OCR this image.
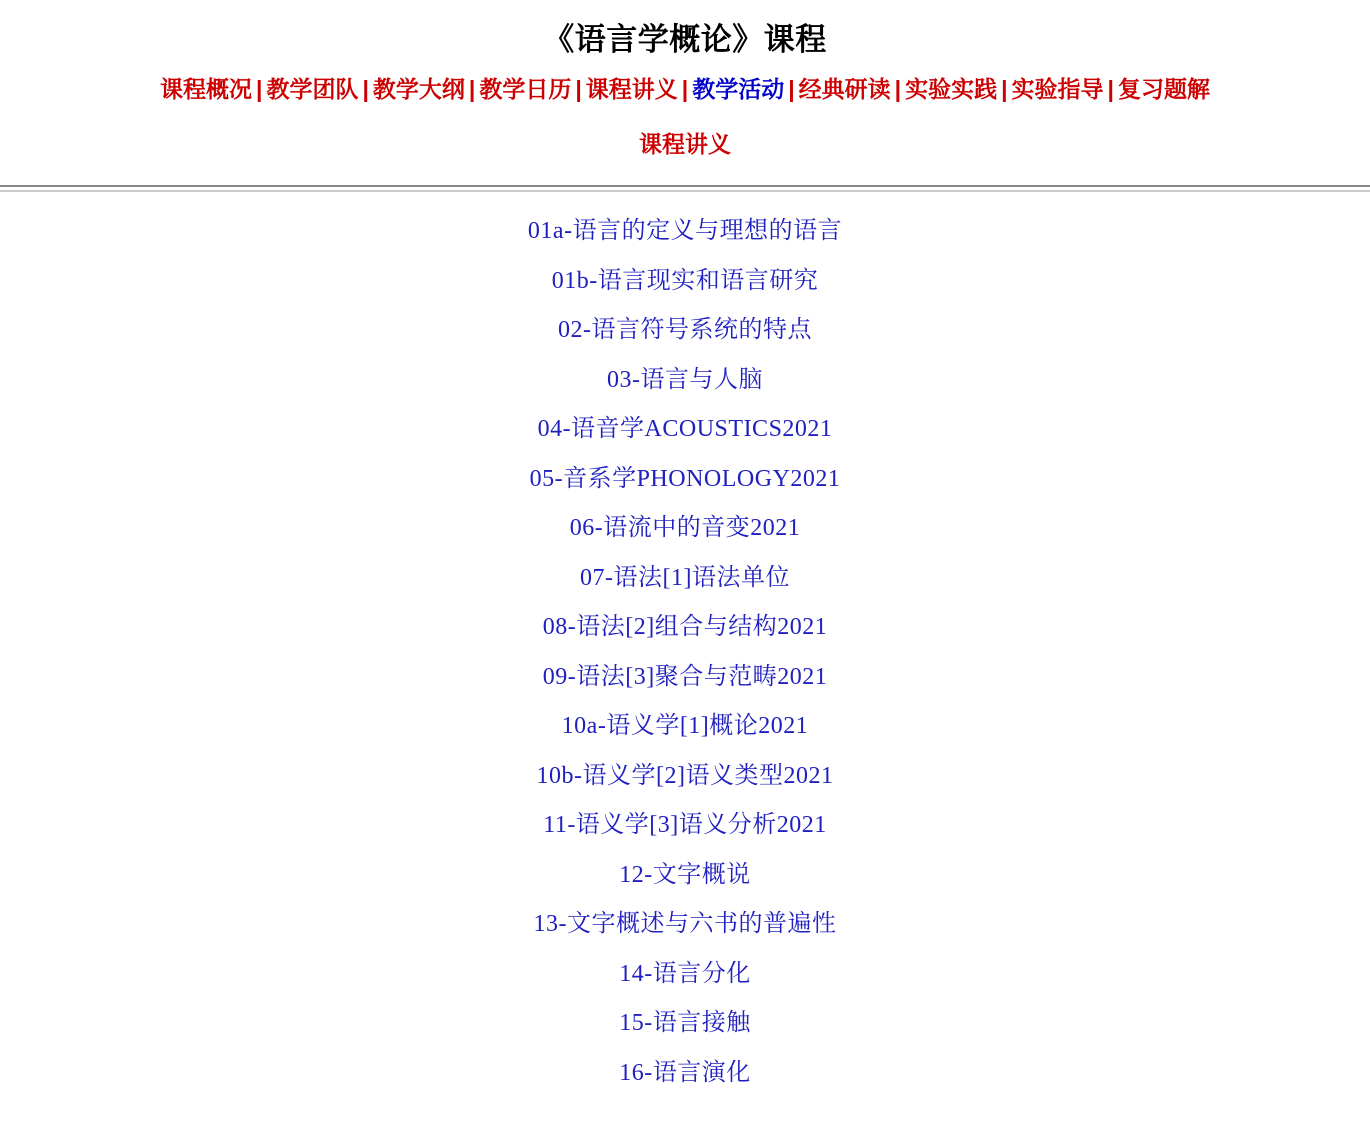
《语言学概论》课程
课程概况 | 教学团队 | 教学大纲 | 教学日历 | 课程讲义 | 教学活动 | 经典研读 | 实验实践 | 实验指导 | 复习题解
课程讲义
01a-语言的定义与理想的语言
01b-语言现实和语言研究
02-语言符号系统的特点
03-语言与人脑
04-语音学ACOUSTICS2021
05-音系学PHONOLOGY2021
06-语流中的音变2021
07-语法[1]语法单位
08-语法[2]组合与结构2021
09-语法[3]聚合与范畴2021
10a-语义学[1]概论2021
10b-语义学[2]语义类型2021
11-语义学[3]语义分析2021
12-文字概说
13-文字概述与六书的普遍性
14-语言分化
15-语言接触
16-语言演化
